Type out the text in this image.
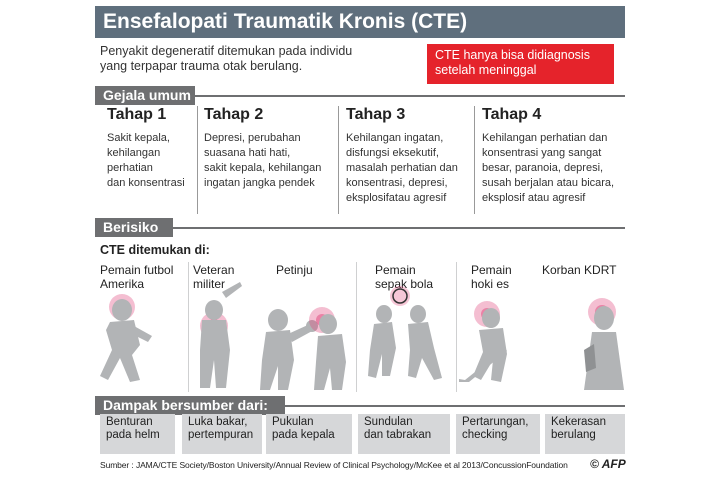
Ensefalopati Traumatik Kronis (CTE)
Penyakit degeneratif ditemukan pada individu
yang terpapar trauma otak berulang.
CTE hanya bisa didiagnosis
setelah meninggal
Gejala umum
Tahap 1
Sakit kepala,
kehilangan
perhatian
dan konsentrasi
Tahap 2
Depresi, perubahan
suasana hati hati,
sakit kepala, kehilangan
ingatan jangka pendek
Tahap 3
Kehilangan ingatan,
disfungsi eksekutif,
masalah perhatian dan
konsentrasi, depresi,
eksplosifatau agresif
Tahap 4
Kehilangan perhatian dan
konsentrasi yang sangat
besar, paranoia, depresi,
susah berjalan atau bicara,
eksplosif atau agresif
Berisiko
CTE ditemukan di:
Pemain futbol
Amerika
Veteran
militer
Petinju	Pemain
sepak bola
Pemain
hoki es
Korban KDRT
Dampak bersumber dari:
Benturan
pada helm
Luka bakar,
pertempuran
Pukulan
pada kepala
Sundulan
dan tabrakan
Pertarungan,
checking
Kekerasan
berulang
Sumber : JAMA/CTE Society/Boston University/Annual Review of Clinical Psychology/McKee et al 2013/ConcussionFoundation © AFP
